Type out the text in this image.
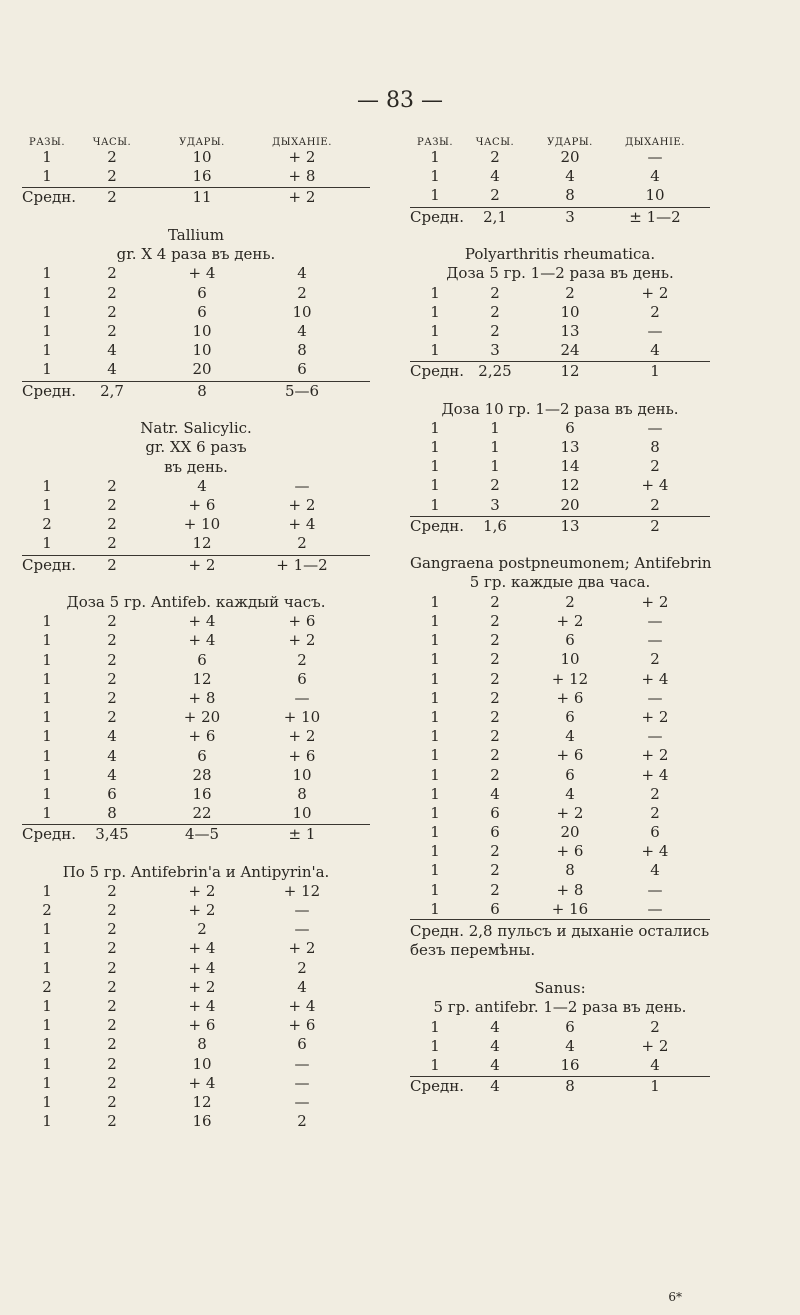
— 83 —
РАЗЫ.	ЧАСЫ.	УДАРЫ.	ДЫХАНІЕ.
1	2	10	+ 2
1	2	16	+ 8
Средн.	2	11	+ 2
Tallium
gr. X 4 раза въ день.
1	2	+ 4	4
1	2	6	2
1	2	6	10
1	2	10	4
1	4	10	8
1	4	20	6
Средн.	2,7	8	5—6
Natr. Salicylic.
gr. XX 6 разъ
въ день.
1	2	4	—
1	2	+ 6	+ 2
2	2	+ 10	+ 4
1	2	12	2
Средн.	2	+ 2	+ 1—2
Доза 5 гр. Antifeb. каждый часъ.
1	2	+ 4	+ 6
1	2	+ 4	+ 2
1	2	6	2
1	2	12	6
1	2	+ 8	—
1	2	+ 20	+ 10
1	4	+ 6	+ 2
1	4	6	+ 6
1	4	28	10
1	6	16	8
1	8	22	10
Средн.	3,45	4—5	± 1
По 5 гр. Antifebrin'a и Antipyrin'a.
1	2	+ 2	+ 12
2	2	+ 2	—
1	2	2	—
1	2	+ 4	+ 2
1	2	+ 4	2
2	2	+ 2	4
1	2	+ 4	+ 4
1	2	+ 6	+ 6
1	2	8	6
1	2	10	—
1	2	+ 4	—
1	2	12	—
1	2	16	2
РАЗЫ.	ЧАСЫ.	УДАРЫ.	ДЫХАНІЕ.
1	2	20	—
1	4	4	4
1	2	8	10
Средн.	2,1	3	± 1—2
Polyarthritis rheumatica.
Доза 5 гр. 1—2 раза въ день.
1	2	2	+ 2
1	2	10	2
1	2	13	—
1	3	24	4
Средн. 2,25	12	1
Доза 10 гр. 1—2 раза въ день.
1	1	6	—
1	1	13	8
1	1	14	2
1	2	12	+ 4
1	3	20	2
Средн.	1,6	13	2
Gangraena postpneumonem; Antifebrin
5 гр. каждые два часа.
1	2	2	+ 2
1	2	+ 2	—
1	2	6	—
1	2	10	2
1	2	+ 12	+ 4
1	2	+ 6	—
1	2	6	+ 2
1	2	4	—
1	2	+ 6	+ 2
1	2	6	+ 4
1	4	4	2
1	6	+ 2	2
1	6	20	6
1	2	+ 6	+ 4
1	2	8	4
1	2	+ 8	—
1	6	+ 16	—
Средн. 2,8 пульсъ и дыханіе остались безъ перемѣны.
Sanus:
5 гр. antifebr. 1—2 раза въ день.
1	4	6	2
1	4	4	+ 2
1	4	16	4
Средн.	4	8	1
6*
